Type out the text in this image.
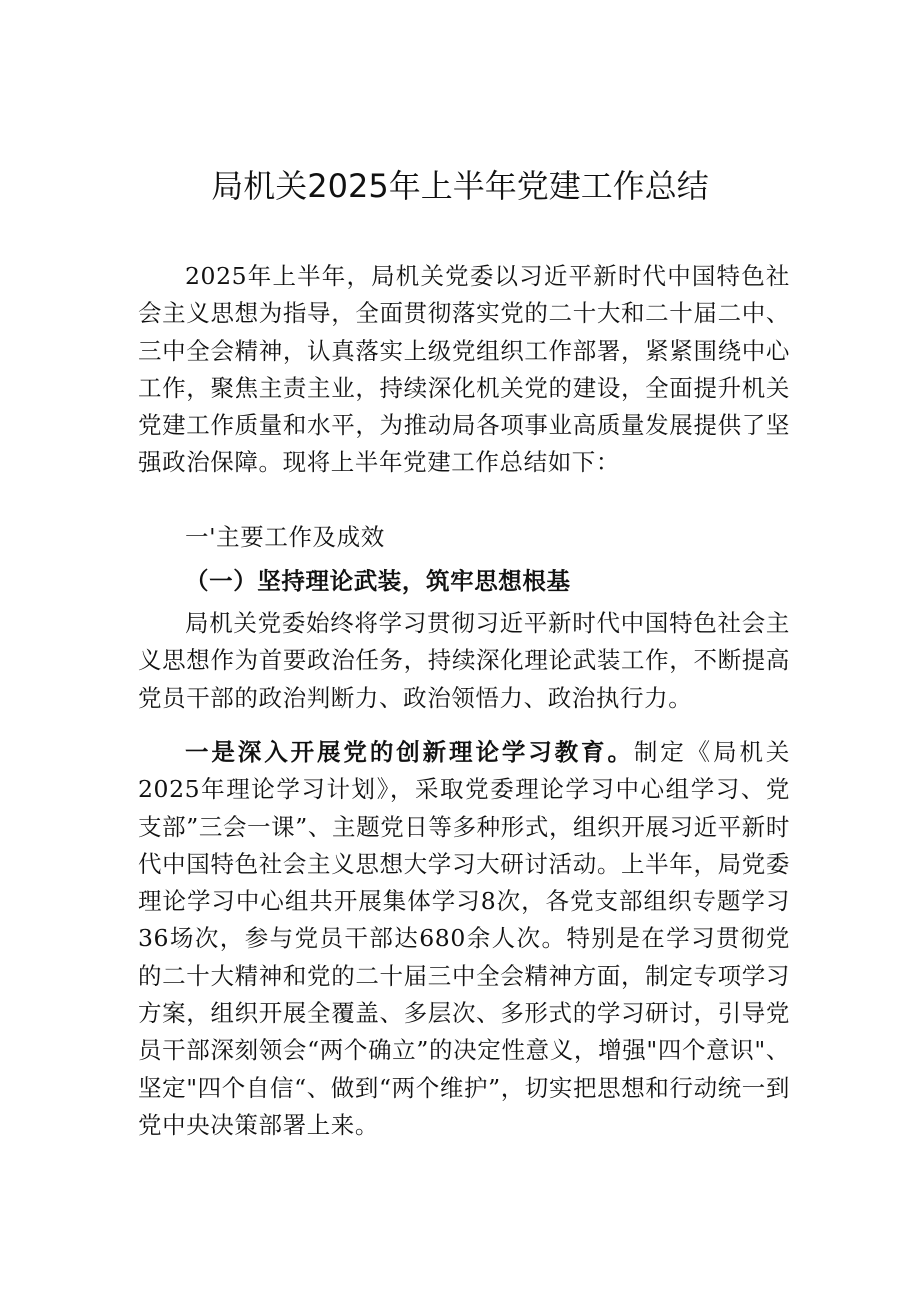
局机关2025年上半年党建工作总结

2025年上半年，局机关党委以习近平新时代中国特色社会主义思想为指导，全面贯彻落实党的二十大和二十届二中、三中全会精神，认真落实上级党组织工作部署，紧紧围绕中心工作，聚焦主责主业，持续深化机关党的建设，全面提升机关党建工作质量和水平，为推动局各项事业高质量发展提供了坚强政治保障。现将上半年党建工作总结如下：

一'主要工作及成效

（一）坚持理论武装，筑牢思想根基

局机关党委始终将学习贯彻习近平新时代中国特色社会主义思想作为首要政治任务，持续深化理论武装工作，不断提高党员干部的政治判断力、政治领悟力、政治执行力。

一是深入开展党的创新理论学习教育。制定《局机关2025年理论学习计划》，采取党委理论学习中心组学习、党支部”三会一课”、主题党日等多种形式，组织开展习近平新时代中国特色社会主义思想大学习大研讨活动。上半年，局党委理论学习中心组共开展集体学习8次，各党支部组织专题学习36场次，参与党员干部达680余人次。特别是在学习贯彻党的二十大精神和党的二十届三中全会精神方面，制定专项学习方案，组织开展全覆盖、多层次、多形式的学习研讨，引导党员干部深刻领会“两个确立”的决定性意义，增强"四个意识"、坚定"四个自信“、做到“两个维护”，切实把思想和行动统一到党中央决策部署上来。
